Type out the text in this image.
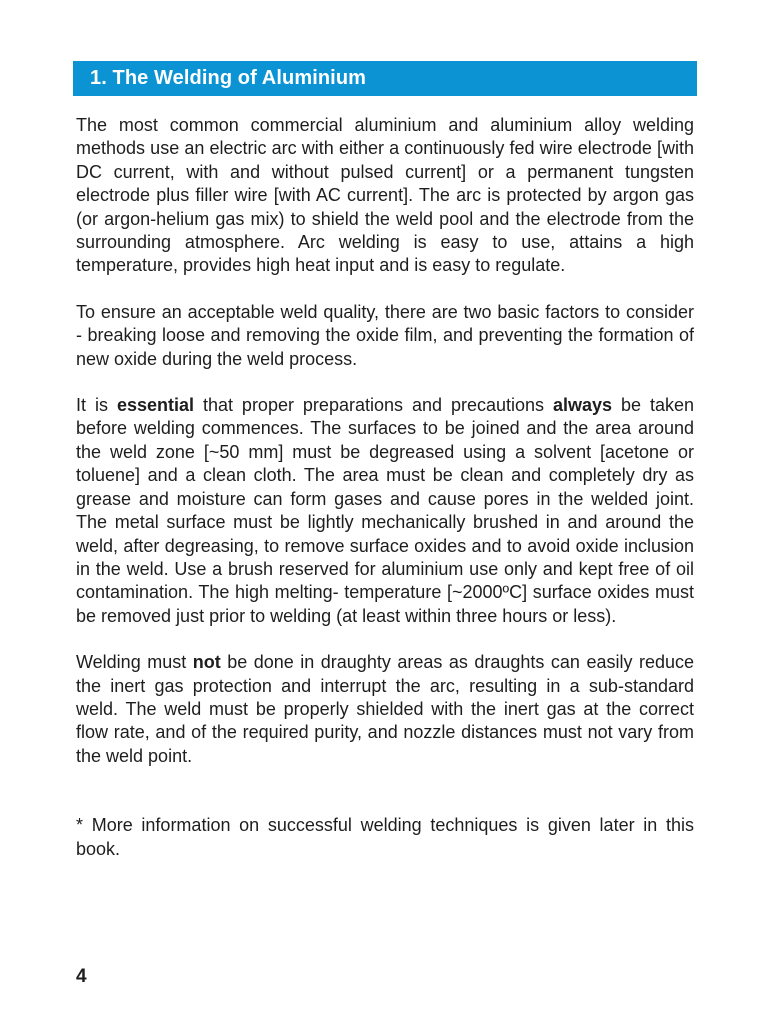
1. The Welding of Aluminium

The most common commercial aluminium and aluminium alloy welding methods use an electric arc with either a continuously fed wire electrode [with DC current, with and without pulsed current] or a permanent tungsten electrode plus filler wire [with AC current]. The arc is protected by argon gas (or argon-helium gas mix) to shield the weld pool and the electrode from the surrounding atmosphere. Arc welding is easy to use, attains a high temperature, provides high heat input and is easy to regulate.

To ensure an acceptable weld quality, there are two basic factors to consider - breaking loose and removing the oxide film, and preventing the formation of new oxide during the weld process.

It is essential that proper preparations and precautions always be taken before welding commences. The surfaces to be joined and the area around the weld zone [~50 mm] must be degreased using a solvent [acetone or toluene] and a clean cloth. The area must be clean and completely dry as grease and moisture can form gases and cause pores in the welded joint. The metal surface must be lightly mechanically brushed in and around the weld, after degreasing, to remove surface oxides and to avoid oxide inclusion in the weld. Use a brush reserved for aluminium use only and kept free of oil contamination. The high melting- temperature [~2000ºC] surface oxides must be removed just prior to welding (at least within three hours or less).

Welding must not be done in draughty areas as draughts can easily reduce the inert gas protection and interrupt the arc, resulting in a sub-standard weld. The weld must be properly shielded with the inert gas at the correct flow rate, and of the required purity, and nozzle distances must not vary from the weld point.

* More information on successful welding techniques is given later in this book.

4
